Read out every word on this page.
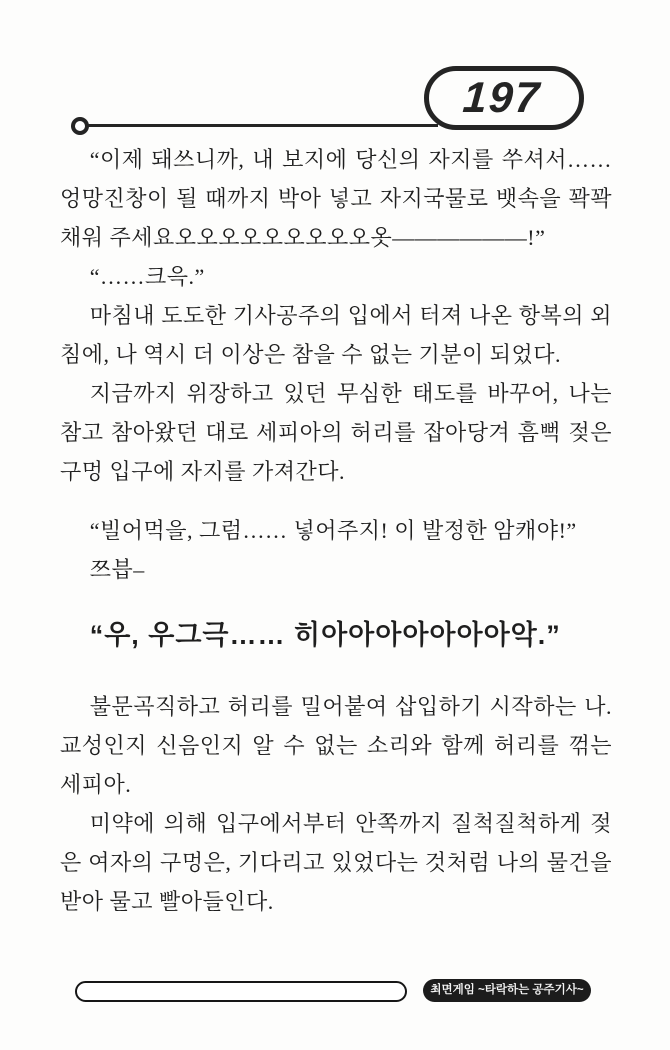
197

“이제 돼쓰니까, 내 보지에 당신의 자지를 쑤셔서…… 엉망진창이 될 때까지 박아 넣고 자지국물로 뱃속을 꽉꽉 채워 주세요오오오오오오오오오옷——————!”

“……크윽.”

마침내 도도한 기사공주의 입에서 터져 나온 항복의 외침에, 나 역시 더 이상은 참을 수 없는 기분이 되었다.

지금까지 위장하고 있던 무심한 태도를 바꾸어, 나는 참고 참아왔던 대로 세피아의 허리를 잡아당겨 흠뻑 젖은 구멍 입구에 자지를 가져간다.

“빌어먹을, 그럼…… 넣어주지! 이 발정한 암캐야!”

쯔븝–

“우, 우그극…… 히아아아아아아아악.”

불문곡직하고 허리를 밀어붙여 삽입하기 시작하는 나. 교성인지 신음인지 알 수 없는 소리와 함께 허리를 꺾는 세피아.

미약에 의해 입구에서부터 안쪽까지 질척질척하게 젖은 여자의 구멍은, 기다리고 있었다는 것처럼 나의 물건을 받아 물고 빨아들인다.

최면게임 ~타락하는 공주기사~
